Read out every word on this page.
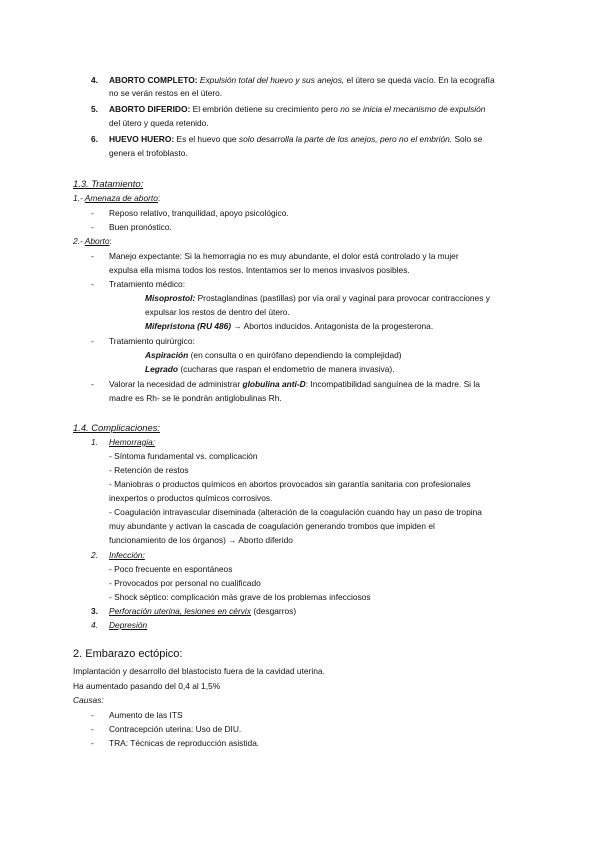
4. ABORTO COMPLETO: Expulsión total del huevo y sus anejos, el útero se queda vacío. En la ecografía
no se verán restos en el útero.
5. ABORTO DIFERIDO: El embrión detiene su crecimiento pero no se inicia el mecanismo de expulsión
del útero y queda retenido.
6. HUEVO HUERO: Es el huevo que solo desarrolla la parte de los anejos, pero no el embrión. Solo se
genera el trofoblasto.
1.3. Tratamiento:
1.- Amenaza de aborto:
-	Reposo relativo, tranquilidad, apoyo psicológico.
-	Buen pronóstico.
2.- Aborto:
-	Manejo expectante: Si la hemorragia no es muy abundante, el dolor está controlado y la mujer
expulsa ella misma todos los restos. Intentamos ser lo menos invasivos posibles.
-	Tratamiento médico:
Misoprostol: Prostaglandinas (pastillas) por vía oral y vaginal para provocar contracciones y
expulsar los restos de dentro del útero.
Mifepristona (RU 486) → Abortos inducidos. Antagonista de la progesterona.
-	Tratamiento quirúrgico:
Aspiración (en consulta o en quirófano dependiendo la complejidad)
Legrado (cucharas que raspan el endometrio de manera invasiva).
-	Valorar la necesidad de administrar globulina anti-D: Incompatibilidad sanguínea de la madre. Si la
madre es Rh- se le pondrán antiglobulinas Rh.
1.4. Complicaciones:
1. Hemorragia:
- Síntoma fundamental vs. complicación
- Retención de restos
- Maniobras o productos químicos en abortos provocados sin garantía sanitaria con profesionales
inexpertos o productos químicos corrosivos.
- Coagulación intravascular diseminada (alteración de la coagulación cuando hay un paso de tropina
muy abundante y activan la cascada de coagulación generando trombos que impiden el
funcionamiento de los órganos) → Aborto diferido
2. Infección:
- Poco frecuente en espontáneos
- Provocados por personal no cualificado
- Shock séptico: complicación más grave de los problemas infecciosos
3. Perforación uterina, lesiones en cérvix (desgarros)
4. Depresión
2. Embarazo ectópico:
Implantación y desarrollo del blastocisto fuera de la cavidad uterina.
Ha aumentado pasando del 0,4 al 1,5%
Causas:
-	Aumento de las ITS
-	Contracepción uterina: Uso de DIU.
-	TRA: Técnicas de reproducción asistida.
